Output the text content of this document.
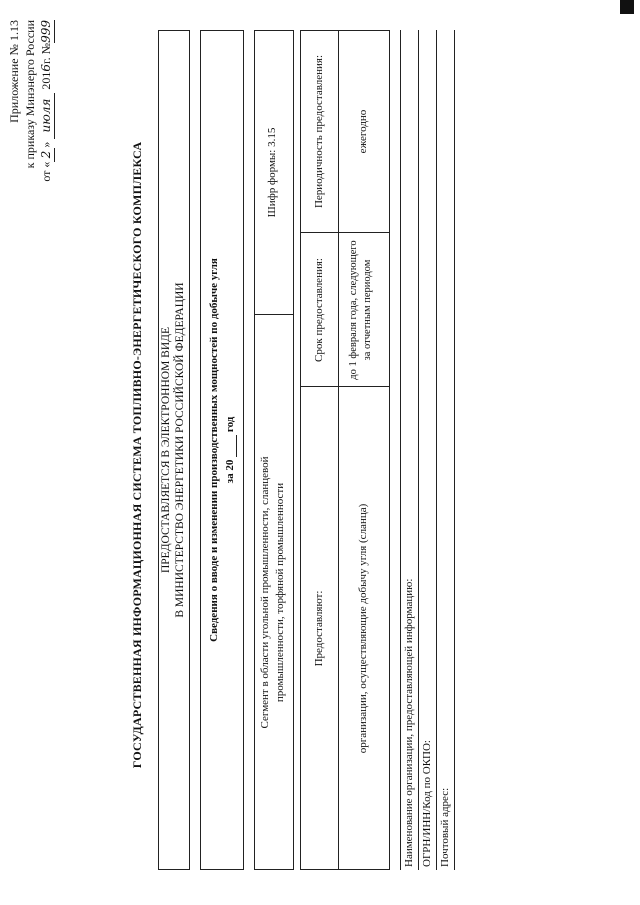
Приложение № 1.13 к приказу Минэнерго России
от «2» июля 2016г. №999
ГОСУДАРСТВЕННАЯ ИНФОРМАЦИОННАЯ СИСТЕМА ТОПЛИВНО-ЭНЕРГЕТИЧЕСКОГО КОМПЛЕКСА ПРЕДОСТАВЛЯЕТСЯ В ЭЛЕКТРОННОМ ВИДЕ В МИНИСТЕРСТВО ЭНЕРГЕТИКИ РОССИЙСКОЙ ФЕДЕРАЦИИ Сведения о вводе и изменении производственных мощностей по добыче угля за 20   год
Сегмент в области угольной промышленности, сланцевой промышленности, торфяной промышленности
Шифр формы: 3.15
Предоставляют:
Срок предоставления:
Периодичность предоставления:
организации, осуществляющие добычу угля (сланца)
до 1 февраля года, следующего за отчетным периодом
ежегодно
Наименование организации, предоставляющей информацию: ОГРН/ИНН/Код по ОКПО: Почтовый адрес:
